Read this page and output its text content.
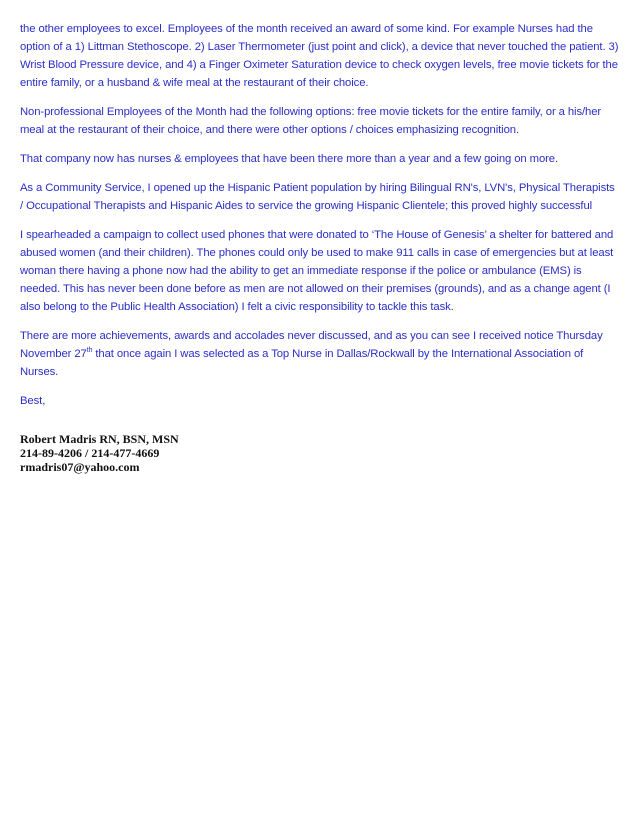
the other employees to excel. Employees of the month received an award of some kind. For example Nurses had the option of a 1) Littman Stethoscope. 2) Laser Thermometer (just point and click), a device that never touched the patient. 3) Wrist Blood Pressure device, and 4) a Finger Oximeter Saturation device to check oxygen levels, free movie tickets for the entire family, or a husband & wife meal at the restaurant of their choice.

Non-professional Employees of the Month had the following options: free movie tickets for the entire family, or a his/her meal at the restaurant of their choice, and there were other options / choices emphasizing recognition.

That company now has nurses & employees that have been there more than a year and a few going on more.

As a Community Service, I opened up the Hispanic Patient population by hiring Bilingual RN's, LVN's, Physical Therapists / Occupational Therapists and Hispanic Aides to service the growing Hispanic Clientele; this proved highly successful

I spearheaded a campaign to collect used phones that were donated to ‘The House of Genesis’ a shelter for battered and abused women (and their children). The phones could only be used to make 911 calls in case of emergencies but at least woman there having a phone now had the ability to get an immediate response if the police or ambulance (EMS) is needed. This has never been done before as men are not allowed on their premises (grounds), and as a change agent (I also belong to the Public Health Association) I felt a civic responsibility to tackle this task.

There are more achievements, awards and accolades never discussed, and as you can see I received notice Thursday November 27th that once again I was selected as a Top Nurse in Dallas/Rockwall by the International Association of Nurses.

Best,

Robert Madris RN, BSN, MSN
214-89-4206 / 214-477-4669
rmadris07@yahoo.com
